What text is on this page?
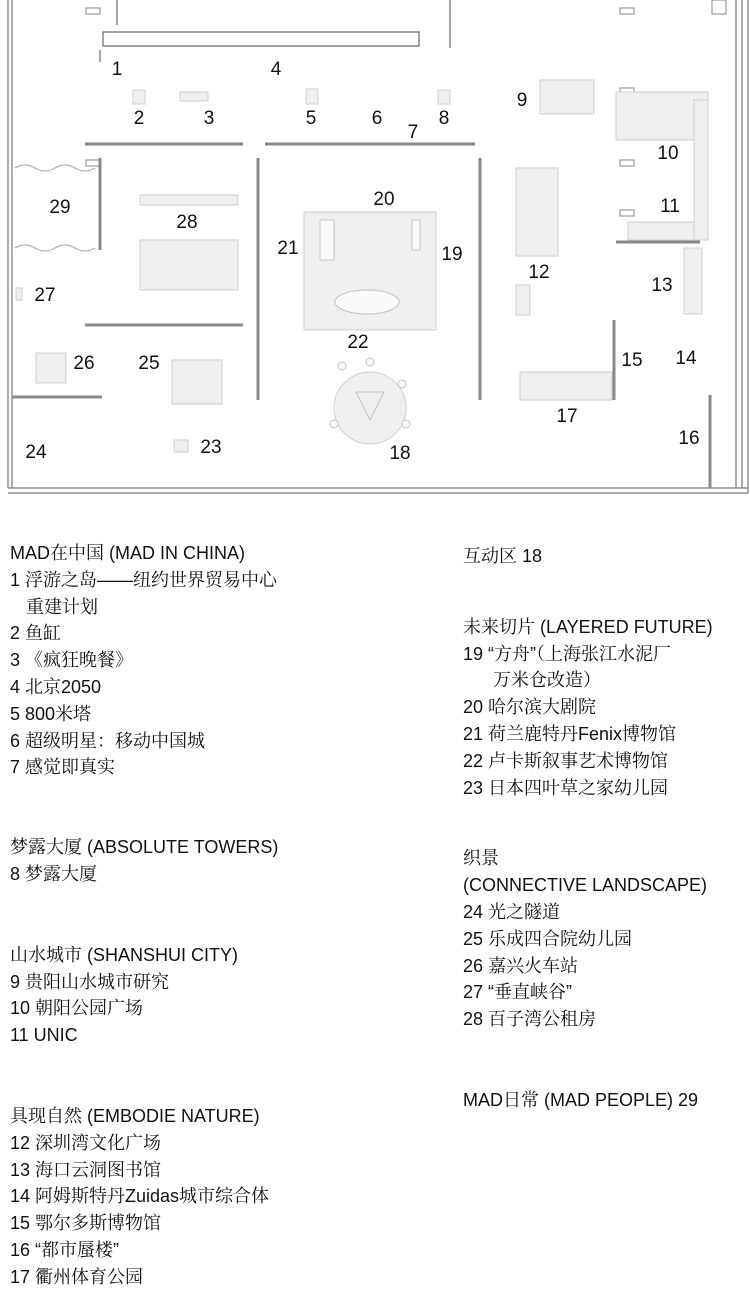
1
2	3
4
5	6
7
8
9
10
11
12
13
14
15
16
17
18
19
20
21
22
23
24
25
26
27
28
29
MAD在中国 (MAD IN CHINA)
1 浮游之岛——纽约世界贸易中心
重建计划
2 鱼缸
3 《疯狂晚餐》
4 北京2050
5 800米塔
6 超级明星：移动中国城
7 感觉即真实
梦露大厦 (ABSOLUTE TOWERS)
8 梦露大厦
山水城市 (SHANSHUI CITY)
9 贵阳山水城市研究
10 朝阳公园广场
11 UNIC
具现自然 (EMBODIE NATURE)
12 深圳湾文化广场
13 海口云洞图书馆
14 阿姆斯特丹Zuidas城市综合体
15 鄂尔多斯博物馆
16 “都市蜃楼”
17 衢州体育公园
互动区 18
未来切片 (LAYERED FUTURE)
19 “方舟”（上海张江水泥厂
万米仓改造）
20 哈尔滨大剧院
21 荷兰鹿特丹Fenix博物馆
22 卢卡斯叙事艺术博物馆
23 日本四叶草之家幼儿园
织景
(CONNECTIVE LANDSCAPE)
24 光之隧道
25 乐成四合院幼儿园
26 嘉兴火车站
27 “垂直峡谷”
28 百子湾公租房
MAD日常 (MAD PEOPLE) 29
